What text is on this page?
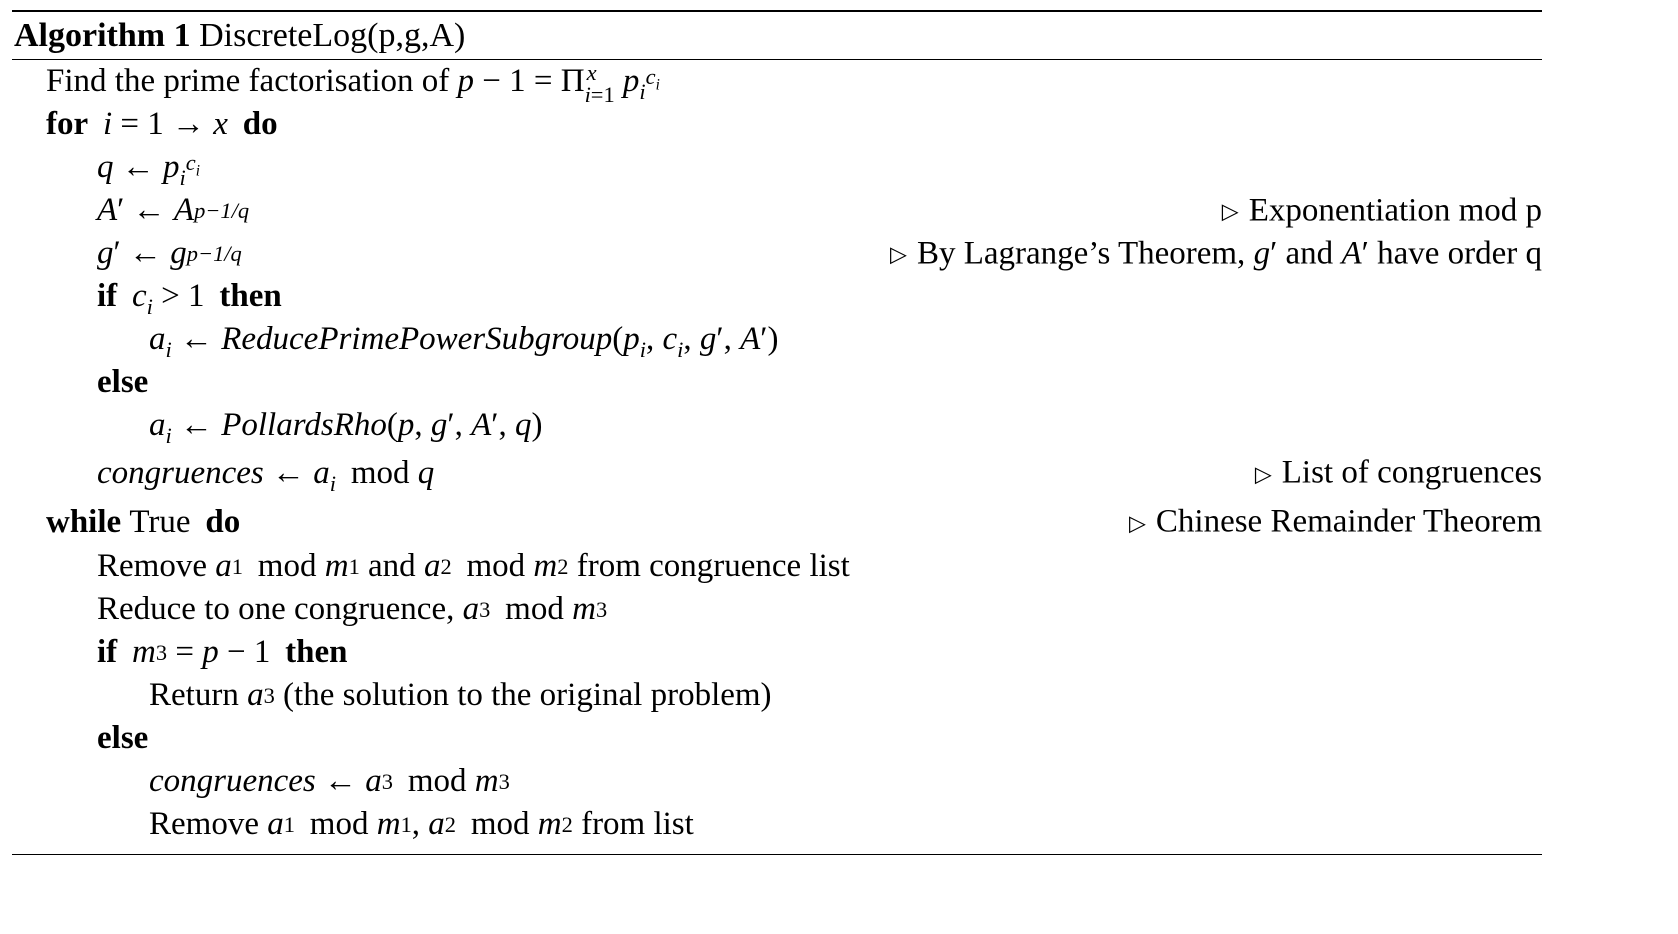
Algorithm 1
DiscreteLog(p,g,A)
Find the prime factorisation of
p − 1 = Π x
i=1
$p_i$
$c_i$
for i = 1 → x do
q ← $p_i$
$c_i$
A ′ ← A p−1/q	▷ Exponentiation mod p
g ′ ← g p−1/q	▷ By Lagrange’s Theorem,
g ′ and
A ′ have order q
if $c_i > 1$ then
$a_i$ ← ReducePrimePowerSubgroup ( $p_i$ , $c_i$ , g ′, A ′)
else
$a_i$ ← PollardsRho ( p , g ′, A ′, q )
congruences ← $a_i$ mod
q	▷ List of congruences
while True do	▷ Chinese Remainder Theorem
Remove
a 1 mod
m 1
and
a 2 mod
m 2
from congruence list
Reduce to one congruence,
a 3 mod
m 3
if m 3 = p − 1 then
Return
a 3
(the solution to the original problem)
else
congruences ← a 3 mod
m 3
Remove
a 1 mod
m 1 , a 2 mod
m 2
from list
